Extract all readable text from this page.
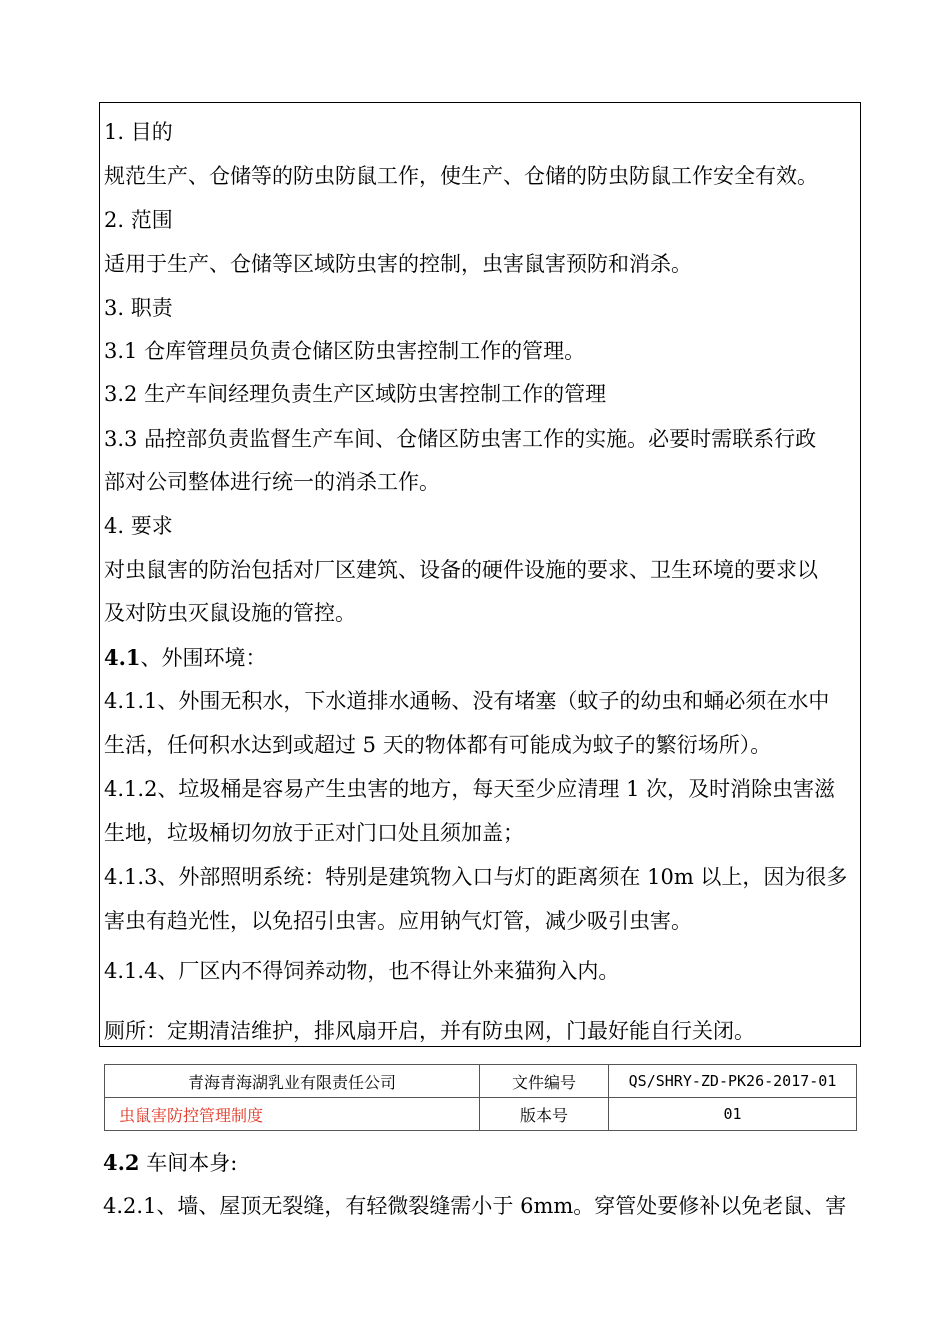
1. 目的
规范生产、仓储等的防虫防鼠工作，使生产、仓储的防虫防鼠工作安全有效。
2. 范围
适用于生产、仓储等区域防虫害的控制，虫害鼠害预防和消杀。
3. 职责
3.1 仓库管理员负责仓储区防虫害控制工作的管理。
3.2 生产车间经理负责生产区域防虫害控制工作的管理
3.3 品控部负责监督生产车间、仓储区防虫害工作的实施。必要时需联系行政
部对公司整体进行统一的消杀工作。
4. 要求
对虫鼠害的防治包括对厂区建筑、设备的硬件设施的要求、卫生环境的要求以
及对防虫灭鼠设施的管控。
4.1、外围环境：
4.1.1、外围无积水，下水道排水通畅、没有堵塞（蚊子的幼虫和蛹必须在水中
生活，任何积水达到或超过 5 天的物体都有可能成为蚊子的繁衍场所）。
4.1.2、垃圾桶是容易产生虫害的地方，每天至少应清理 1 次，及时消除虫害滋
生地，垃圾桶切勿放于正对门口处且须加盖；
4.1.3、外部照明系统：特别是建筑物入口与灯的距离须在 10m 以上，因为很多
害虫有趋光性，以免招引虫害。应用钠气灯管，减少吸引虫害。
4.1.4、厂区内不得饲养动物，也不得让外来猫狗入内。
厕所：定期清洁维护，排风扇开启，并有防虫网，门最好能自行关闭。
青海青海湖乳业有限责任公司	文件编号	QS/SHRY-ZD-PK26-2017-01
虫鼠害防控管理制度	版本号	01
4.2 车间本身:
4.2.1、墙、屋顶无裂缝，有轻微裂缝需小于 6mm。穿管处要修补以免老鼠、害
